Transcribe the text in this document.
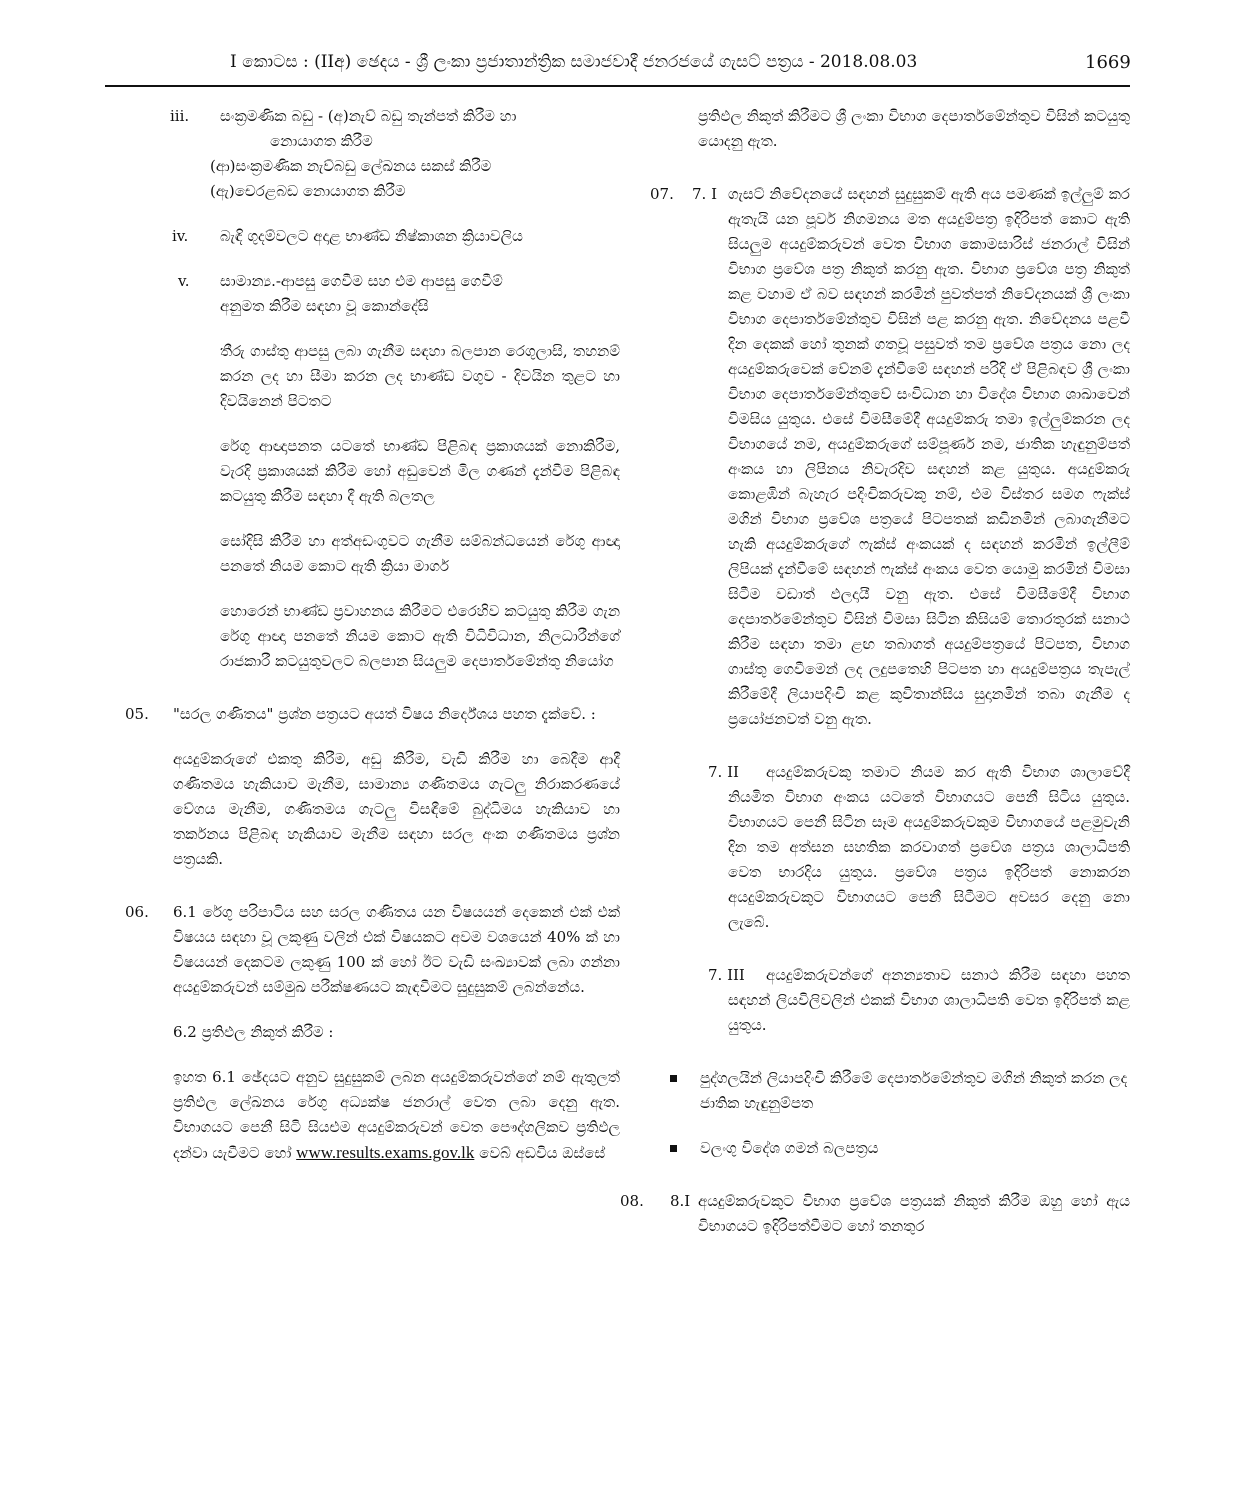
I කොටස : (IIඅ) ඡෙදය - ශ්‍රී ලංකා ප්‍රජාතාන්ත්‍රික සමාජවාදී ජනරජයේ ගැසට් පත්‍රය - 2018.08.03	1669
iii. සංක්‍රමණික බඩු - (අ)නැව් බඩු තැන්පත් කිරීම හා
නොයාගත කිරීම
(ආ)සංක්‍රමණික නැව්බඩු ලේඛනය සකස් කිරීම
(ඇ)චෙරළබඩ නොයාගත කිරීම
iv. බැඳි ගුදම්වලට අදාළ භාණ්ඩ නිෂ්කාශන ක්‍රියාවලිය
v. සාමාන්‍ය.-ආපසු ගෙවීම සහ එම ආපසු ගෙවීම්
අනුමත කිරීම සඳහා වූ කොන්දේසි
තීරු ගාස්තු ආපසු ලබා ගැනීම සඳහා බලපාන රෙගුලාසි, තහනම් කරන ලද හා සීමා කරන ලද භාණ්ඩ වගුව - දිවයින තුළට හා දිවයිනෙන් පිටතට
රේගු ආඥාපනත යටතේ භාණ්ඩ පිළිබඳ ප්‍රකාශයක් නොකිරීම, වැරදි ප්‍රකාශයක් කිරීම හෝ අඩුවෙන් මිල ගණන් දැන්වීම පිළිබඳ කටයුතු කිරීම සඳහා දී ඇති බලතල
සෝදිසි කිරීම හා අත්අඩංගුවට ගැනීම සම්බන්ධයෙන් රේගු ආඥා පනතේ නියම කොට ඇති ක්‍රියා මාර්ග
හොරෙන් භාණ්ඩ ප්‍රවාහනය කිරීමට එරෙහිව කටයුතු කිරීම ගැන රේගු ආඥා පනතේ නියම කොට ඇති විධිවිධාන, නිලධාරීන්ගේ රාජකාරී කටයුතුවලට බලපාන සියලුම දෙපාර්තමේන්තු නියෝග
05. "සරල ගණිතය" ප්‍රශ්න පත්‍රයට අයත් විෂය නිර්දේශය පහත දැක්වේ. :
අයදුම්කරුගේ එකතු කිරීම, අඩු කිරීම, වැඩි කිරීම හා බෙදීම ආදී ගණිතමය හැකියාව මැනීම, සාමාන්‍ය ගණිතමය ගැටලු නිරාකරණයේ වේගය මැනීම, ගණිතමය ගැටලු විසඳීමේ බුද්ධිමය හැකියාව හා තර්කනය පිළිබඳ හැකියාව මැනීම සඳහා සරල අංක ගණිතමය ප්‍රශ්න පත්‍රයකි.
06. 6.1 රේගු පරිපාටිය සහ සරල ගණිතය යන විෂයයන් දෙකෙන් එක් එක් විෂයය සඳහා වූ ලකුණු වලින් එක් විෂයකට අවම වශයෙන් 40% ක් හා විෂයයන් දෙකටම ලකුණු 100 ක් හෝ ඊට වැඩි සංඛ්‍යාවක් ලබා ගන්නා අයදුම්කරුවන් සම්මුඛ පරීක්ෂණයට කැඳවීමට සුදුසුකම් ලබන්නේය.
6.2 ප්‍රතිඵල නිකුත් කිරීම :
ඉහත 6.1 ඡේදයට අනුව සුදුසුකම් ලබන අයදුම්කරුවන්ගේ නම් ඇතුලත් ප්‍රතිඵල ලේඛනය රේගු අධ්‍යක්ෂ ජනරාල් වෙත ලබා දෙනු ඇත. විභාගයට පෙනී සිටි සියළුම අයදුම්කරුවන් වෙත පෞද්ගලිකව ප්‍රතිඵල දන්වා යැවීමට හෝ www.results.exams.gov.lk වෙබ් අඩවිය ඔස්සේ
ප්‍රතිඵල නිකුත් කිරීමට ශ්‍රී ලංකා විභාග දෙපාර්තමේන්තුව විසින් කටයුතු යොදනු ඇත.
07. 7. I ගැසට් නිවේදනයේ සඳහන් සුදුසුකම් ඇති අය පමණක් ඉල්ලුම් කර ඇතැයි යන පූර්ව නිගමනය මත අයදුම්පත්‍ර ඉදිරිපත් කොට ඇති සියලුම අයදුම්කරුවන් වෙත විභාග කොමසාරිස් ජනරාල් විසින් විභාග ප්‍රවේශ පත්‍ර නිකුත් කරනු ඇත. විභාග ප්‍රවේශ පත්‍ර නිකුත් කළ වහාම ඒ බව සඳහන් කරමින් පුවත්පත් නිවේදනයක් ශ්‍රී ලංකා විභාග දෙපාර්තමේන්තුව විසින් පළ කරනු ඇත. නිවේදනය පළවී දින දෙකක් හෝ තුනක් ගතවූ පසුවත් තම ප්‍රවේශ පත්‍රය නො ලද අයදුම්කරුවෙක් වේනම් දැන්වීමේ සඳහන් පරිදි ඒ පිළිබඳව ශ්‍රී ලංකා විභාග දෙපාර්තමේන්තුවේ සංවිධාන හා විදේශ විභාග ශාඛාවෙන් විමසිය යුතුය. එසේ විමසීමේදී අයදුම්කරු තමා ඉල්ලුම්කරන ලද විභාගයේ නම, අයදුම්කරුගේ සම්පූර්ණ නම, ජාතික හැඳුනුම්පත් අංකය හා ලිපිනය නිවැරදිව සඳහන් කළ යුතුය. අයදුම්කරු කොළඹින් බැහැර පදිංචිකරුවකු නම්, එම විස්තර සමග ෆැක්ස් මගින් විභාග ප්‍රවේශ පත්‍රයේ පිටපතක් කඩිනමින් ලබාගැනීමට හැකි අයදුම්කරුගේ ෆැක්ස් අංකයක් ද සඳහන් කරමින් ඉල්ලීම් ලිපියක් දැන්වීමේ සඳහන් ෆැක්ස් අංකය වෙත යොමු කරමින් විමසා සිටීම වඩාත් ඵලදායී වනු ඇත. එසේ විමසීමේදී විභාග දෙපාර්තමේන්තුව විසින් විමසා සිටින කිසියම් තොරතුරක් සනාථ කිරීම සඳහා තමා ළඟ තබාගත් අයදුම්පත්‍රයේ පිටපත, විභාග ගාස්තු ගෙවීමෙන් ලද ලදුපතෙහි පිටපත හා අයදුම්පත්‍රය තැපැල් කිරීමේදී ලියාපදිංචි කළ කුවිතාන්සිය සුදානමින් තබා ගැනීම ද ප්‍රයෝජනවත් වනු ඇත.
7. II	අයදුම්කරුවකු තමාට නියම කර ඇති විභාග ශාලාවේදී නියමිත විභාග අංකය යටතේ විභාගයට පෙනී සිටිය යුතුය. විභාගයට පෙනී සිටින සෑම අයදුම්කරුවකුම විභාගයේ පළමුවැනි දින තම අත්සන සහතික කරවාගත් ප්‍රවේශ පත්‍රය ශාලාධිපති වෙත භාරදිය යුතුය. ප්‍රවේශ පත්‍රය ඉදිරිපත් නොකරන අයදුම්කරුවකුට විභාගයට පෙනී සිටීමට අවසර දෙනු නො ලැබේ.
7. III	අයදුම්කරුවන්ගේ අනන්‍යතාව සනාථ කිරීම සඳහා පහත සඳහන් ලියවිලිවලින් එකක් විභාග ශාලාධිපති වෙත ඉදිරිපත් කළ යුතුය.
පුද්ගලයින් ලියාපදිංචි කිරීමේ දෙපාර්තමේන්තුව මගින් නිකුත් කරන ලද ජාතික හැඳුනුම්පත
වලංගු විදේශ ගමන් බලපත්‍රය
08. 8.I අයදුම්කරුවකුට විභාග ප්‍රවේශ පත්‍රයක් නිකුත් කිරීම ඔහු හෝ ඇය විභාගයට ඉදිරිපත්වීමට හෝ තනතුර
